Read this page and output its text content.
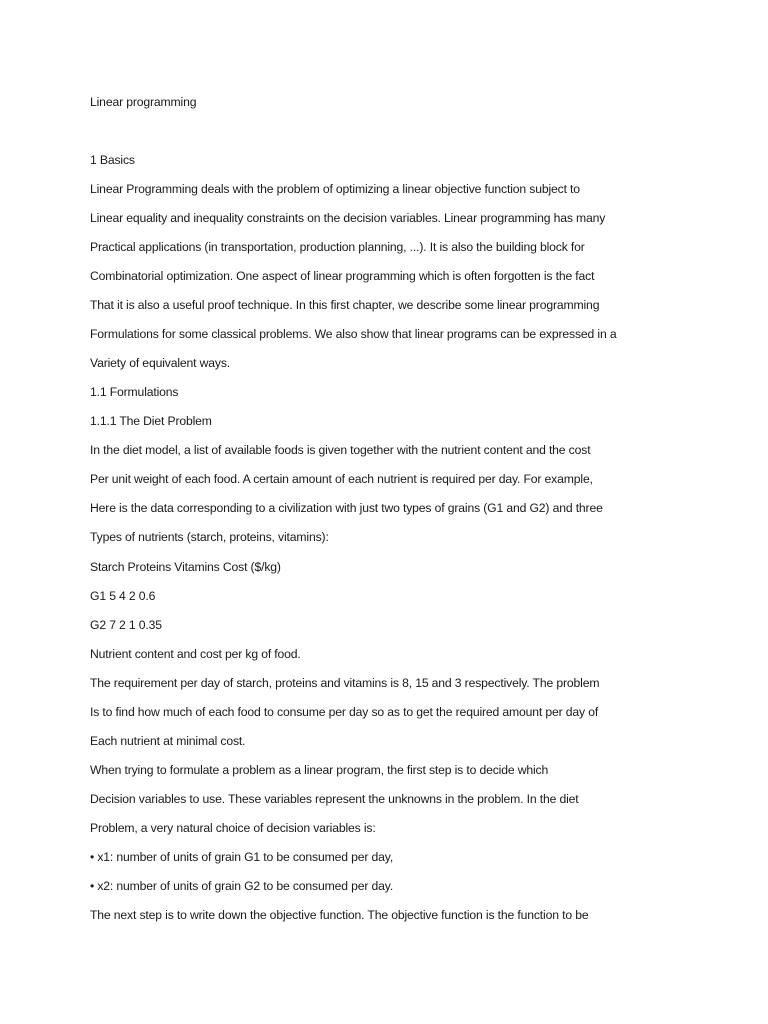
Linear programming
1 Basics
Linear Programming deals with the problem of optimizing a linear objective function subject to
Linear equality and inequality constraints on the decision variables. Linear programming has many
Practical applications (in transportation, production planning, ...). It is also the building block for
Combinatorial optimization. One aspect of linear programming which is often forgotten is the fact
That it is also a useful proof technique. In this first chapter, we describe some linear programming
Formulations for some classical problems. We also show that linear programs can be expressed in a
Variety of equivalent ways.
1.1 Formulations
1.1.1 The Diet Problem
In the diet model, a list of available foods is given together with the nutrient content and the cost
Per unit weight of each food. A certain amount of each nutrient is required per day. For example,
Here is the data corresponding to a civilization with just two types of grains (G1 and G2) and three
Types of nutrients (starch, proteins, vitamins):
Starch Proteins Vitamins Cost ($/kg)
G1 5 4 2 0.6
G2 7 2 1 0.35
Nutrient content and cost per kg of food.
The requirement per day of starch, proteins and vitamins is 8, 15 and 3 respectively. The problem
Is to find how much of each food to consume per day so as to get the required amount per day of
Each nutrient at minimal cost.
When trying to formulate a problem as a linear program, the first step is to decide which
Decision variables to use. These variables represent the unknowns in the problem. In the diet
Problem, a very natural choice of decision variables is:
• x1: number of units of grain G1 to be consumed per day,
• x2: number of units of grain G2 to be consumed per day.
The next step is to write down the objective function. The objective function is the function to be
